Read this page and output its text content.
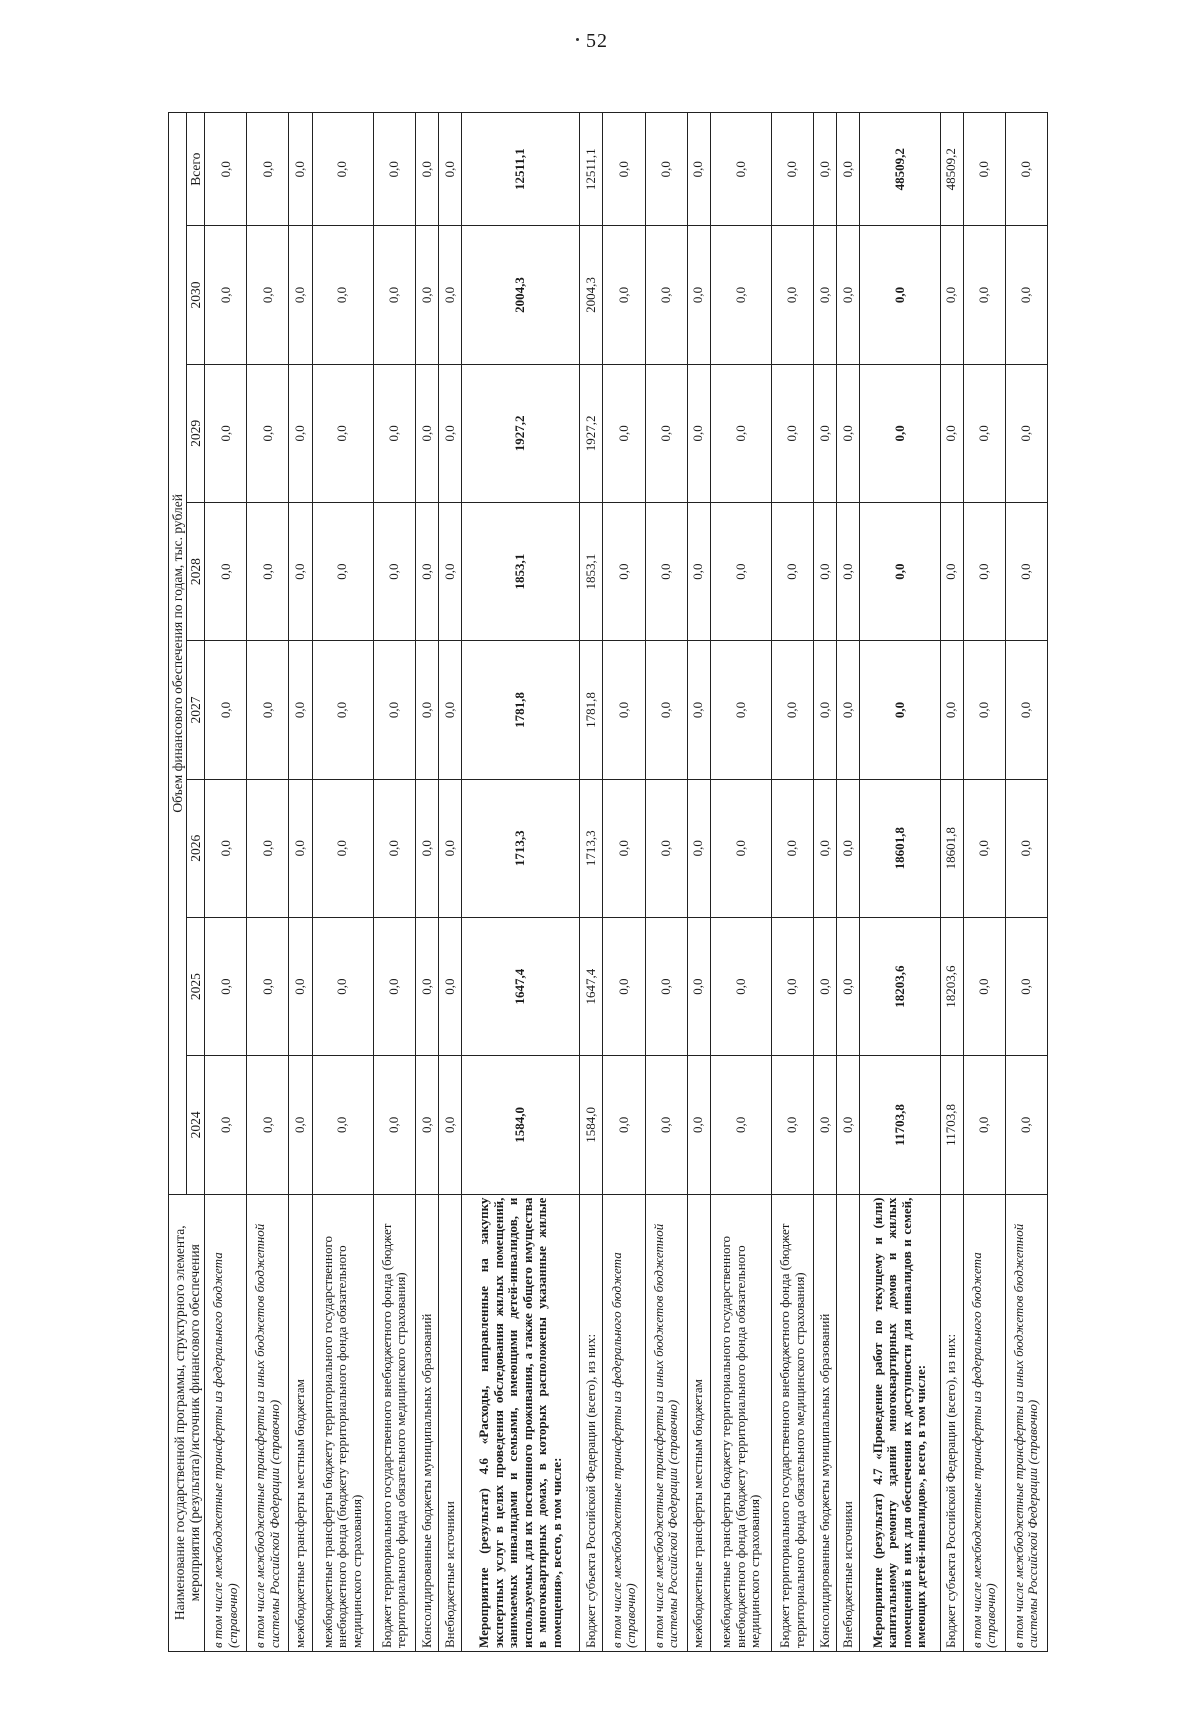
52
Наименование государственной программы, структурного элемента, мероприятия (результата)/источник финансового обеспечения	Объем финансового обеспечения по годам, тыс. рублей							
	2024	2025	2026	2027	2028	2029	2030	Всего
в том числе межбюджетные трансферты из федерального бюджета (справочно)	0,0	0,0	0,0	0,0	0,0	0,0	0,0	0,0
в том числе межбюджетные трансферты из иных бюджетов бюджетной системы Российской Федерации (справочно)	0,0	0,0	0,0	0,0	0,0	0,0	0,0	0,0
межбюджетные трансферты местным бюджетам	0,0	0,0	0,0	0,0	0,0	0,0	0,0	0,0
межбюджетные трансферты бюджету территориального государственного внебюджетного фонда (бюджету территориального фонда обязательного медицинского страхования)	0,0	0,0	0,0	0,0	0,0	0,0	0,0	0,0
Бюджет территориального государственного внебюджетного фонда (бюджет территориального фонда обязательного медицинского страхования)	0,0	0,0	0,0	0,0	0,0	0,0	0,0	0,0
Консолидированные бюджеты муниципальных образований	0,0	0,0	0,0	0,0	0,0	0,0	0,0	0,0
Внебюджетные источники	0,0	0,0	0,0	0,0	0,0	0,0	0,0	0,0
Мероприятие (результат) 4.6 «Расходы, направленные на закупку экспертных услуг в целях проведения обследования жилых помещений, занимаемых инвалидами и семьями, имеющими детей-инвалидов, и используемых для их постоянного проживания, а также общего имущества в многоквартирных домах, в которых расположены указанные жилые помещения», всего, в том числе:	1584,0	1647,4	1713,3	1781,8	1853,1	1927,2	2004,3	12511,1
Бюджет субъекта Российской Федерации (всего), из них:	1584,0	1647,4	1713,3	1781,8	1853,1	1927,2	2004,3	12511,1
в том числе межбюджетные трансферты из федерального бюджета (справочно)	0,0	0,0	0,0	0,0	0,0	0,0	0,0	0,0
в том числе межбюджетные трансферты из иных бюджетов бюджетной системы Российской Федерации (справочно)	0,0	0,0	0,0	0,0	0,0	0,0	0,0	0,0
межбюджетные трансферты местным бюджетам	0,0	0,0	0,0	0,0	0,0	0,0	0,0	0,0
межбюджетные трансферты бюджету территориального государственного внебюджетного фонда (бюджету территориального фонда обязательного медицинского страхования)	0,0	0,0	0,0	0,0	0,0	0,0	0,0	0,0
Бюджет территориального государственного внебюджетного фонда (бюджет территориального фонда обязательного медицинского страхования)	0,0	0,0	0,0	0,0	0,0	0,0	0,0	0,0
Консолидированные бюджеты муниципальных образований	0,0	0,0	0,0	0,0	0,0	0,0	0,0	0,0
Внебюджетные источники	0,0	0,0	0,0	0,0	0,0	0,0	0,0	0,0
Мероприятие (результат) 4.7 «Проведение работ по текущему и (или) капитальному ремонту зданий многоквартирных домов и жилых помещений в них для обеспечения их доступности для инвалидов и семей, имеющих детей-инвалидов», всего, в том числе:	11703,8	18203,6	18601,8	0,0	0,0	0,0	0,0	48509,2
Бюджет субъекта Российской Федерации (всего), из них:	11703,8	18203,6	18601,8	0,0	0,0	0,0	0,0	48509,2
в том числе межбюджетные трансферты из федерального бюджета (справочно)	0,0	0,0	0,0	0,0	0,0	0,0	0,0	0,0
в том числе межбюджетные трансферты из иных бюджетов бюджетной системы Российской Федерации (справочно)	0,0	0,0	0,0	0,0	0,0	0,0	0,0	0,0
